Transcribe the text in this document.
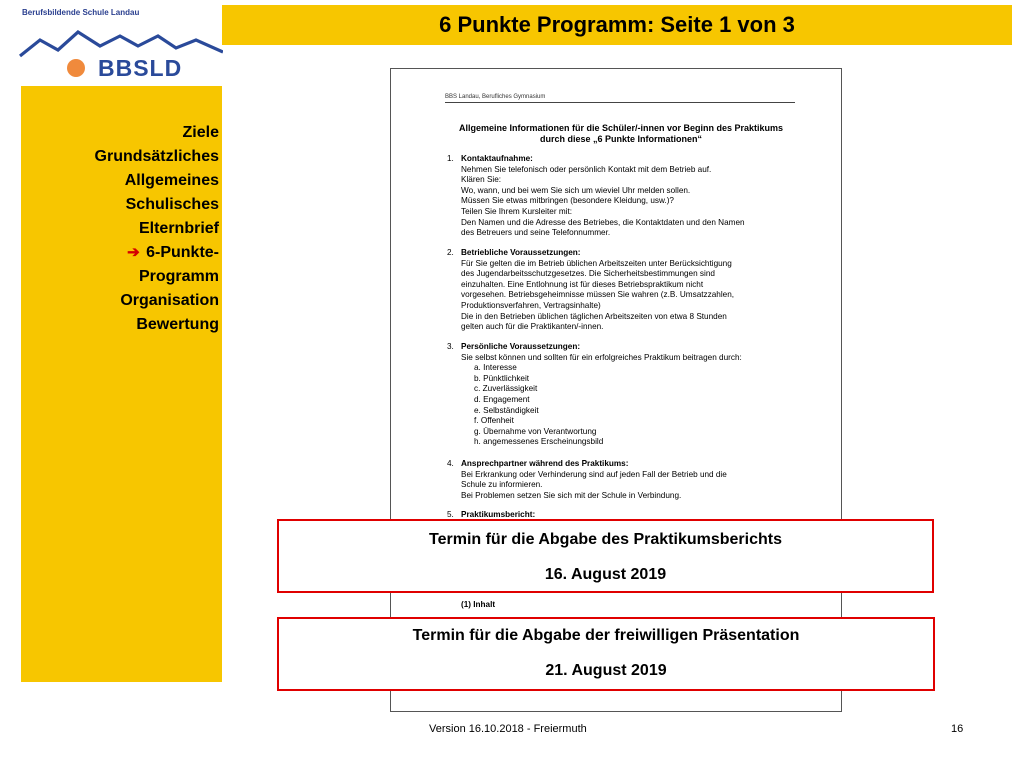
Berufsbildende Schule Landau
BBSLD
6 Punkte Programm: Seite 1 von 3
Ziele
Grundsätzliches
Allgemeines
Schulisches
Elternbrief
➔ 6-Punkte-
Programm
Organisation
Bewertung
BBS Landau, Berufliches Gymnasium
Allgemeine Informationen für die Schüler/-innen vor Beginn des Praktikums
durch diese „6 Punkte Informationen“
1. Kontaktaufnahme:
Nehmen Sie telefonisch oder persönlich Kontakt mit dem Betrieb auf.
Klären Sie:
Wo, wann, und bei wem Sie sich um wieviel Uhr melden sollen.
Müssen Sie etwas mitbringen (besondere Kleidung, usw.)?
Teilen Sie Ihrem Kursleiter mit:
Den Namen und die Adresse des Betriebes, die Kontaktdaten und den Namen
des Betreuers und seine Telefonnummer.
2. Betriebliche Voraussetzungen:
Für Sie gelten die im Betrieb üblichen Arbeitszeiten unter Berücksichtigung
des Jugendarbeitsschutzgesetzes. Die Sicherheitsbestimmungen sind
einzuhalten. Eine Entlohnung ist für dieses Betriebspraktikum nicht
vorgesehen. Betriebsgeheimnisse müssen Sie wahren (z.B. Umsatzzahlen,
Produktionsverfahren, Vertragsinhalte)
Die in den Betrieben üblichen täglichen Arbeitszeiten von etwa 8 Stunden
gelten auch für die Praktikanten/-innen.
3. Persönliche Voraussetzungen:
Sie selbst können und sollten für ein erfolgreiches Praktikum beitragen durch:
a. Interesse
b. Pünktlichkeit
c. Zuverlässigkeit
d. Engagement
e. Selbständigkeit
f. Offenheit
g. Übernahme von Verantwortung
h. angemessenes Erscheinungsbild
4. Ansprechpartner während des Praktikums:
Bei Erkrankung oder Verhinderung sind auf jeden Fall der Betrieb und die
Schule zu informieren.
Bei Problemen setzen Sie sich mit der Schule in Verbindung.
5. Praktikumsbericht:
(1) Inhalt
Termin für die Abgabe des Praktikumsberichts
16. August 2019
Termin für die Abgabe der freiwilligen Präsentation
21. August 2019
Version 16.10.2018 - Freiermuth	16
